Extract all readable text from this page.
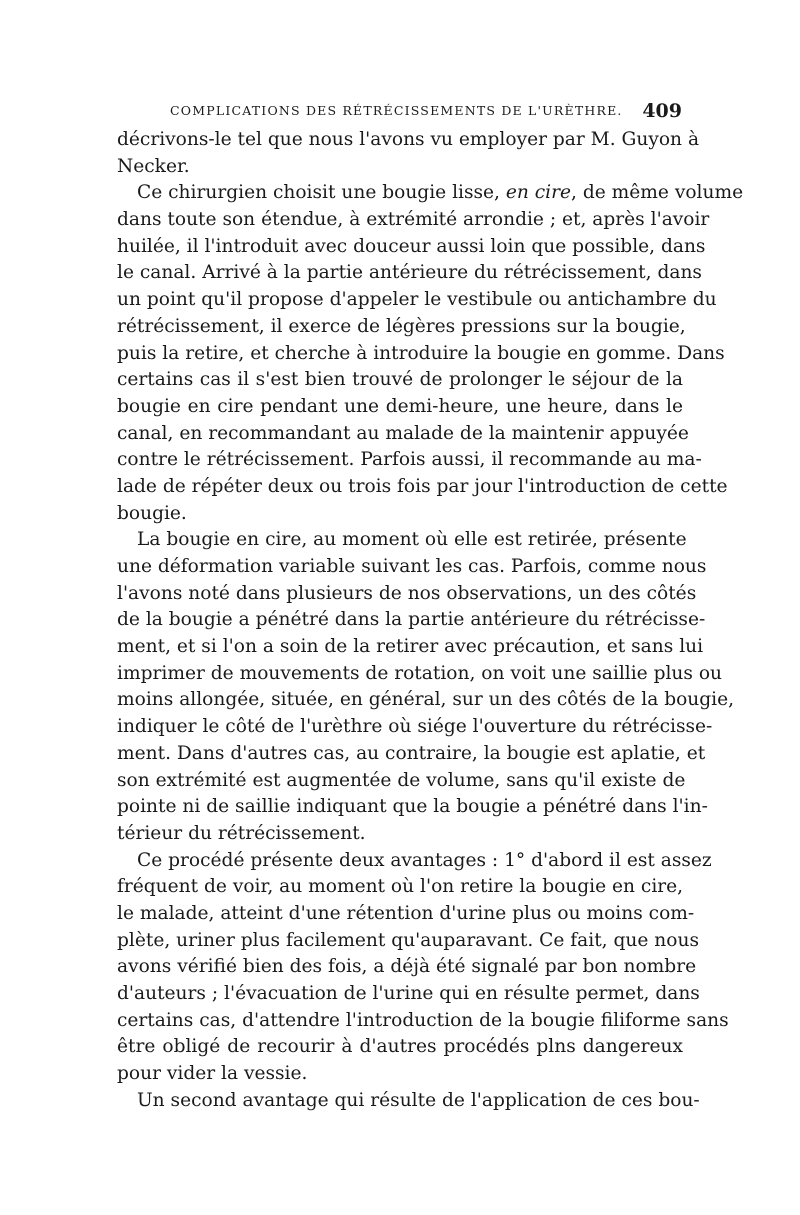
COMPLICATIONS DES RÉTRÉCISSEMENTS DE L'URÈTHRE. 409
décrivons-le tel que nous l'avons vu employer par M. Guyon à
Necker.
Ce chirurgien choisit une bougie lisse, en cire, de même volume
dans toute son étendue, à extrémité arrondie ; et, après l'avoir
huilée, il l'introduit avec douceur aussi loin que possible, dans
le canal. Arrivé à la partie antérieure du rétrécissement, dans
un point qu'il propose d'appeler le vestibule ou antichambre du
rétrécissement, il exerce de légères pressions sur la bougie,
puis la retire, et cherche à introduire la bougie en gomme. Dans
certains cas il s'est bien trouvé de prolonger le séjour de la
bougie en cire pendant une demi-heure, une heure, dans le
canal, en recommandant au malade de la maintenir appuyée
contre le rétrécissement. Parfois aussi, il recommande au ma-
lade de répéter deux ou trois fois par jour l'introduction de cette
bougie.
La bougie en cire, au moment où elle est retirée, présente
une déformation variable suivant les cas. Parfois, comme nous
l'avons noté dans plusieurs de nos observations, un des côtés
de la bougie a pénétré dans la partie antérieure du rétrécisse-
ment, et si l'on a soin de la retirer avec précaution, et sans lui
imprimer de mouvements de rotation, on voit une saillie plus ou
moins allongée, située, en général, sur un des côtés de la bougie,
indiquer le côté de l'urèthre où siége l'ouverture du rétrécisse-
ment. Dans d'autres cas, au contraire, la bougie est aplatie, et
son extrémité est augmentée de volume, sans qu'il existe de
pointe ni de saillie indiquant que la bougie a pénétré dans l'in-
térieur du rétrécissement.
Ce procédé présente deux avantages : 1° d'abord il est assez
fréquent de voir, au moment où l'on retire la bougie en cire,
le malade, atteint d'une rétention d'urine plus ou moins com-
plète, uriner plus facilement qu'auparavant. Ce fait, que nous
avons vérifié bien des fois, a déjà été signalé par bon nombre
d'auteurs ; l'évacuation de l'urine qui en résulte permet, dans
certains cas, d'attendre l'introduction de la bougie filiforme sans
être obligé de recourir à d'autres procédés plns dangereux
pour vider la vessie.
Un second avantage qui résulte de l'application de ces bou-
